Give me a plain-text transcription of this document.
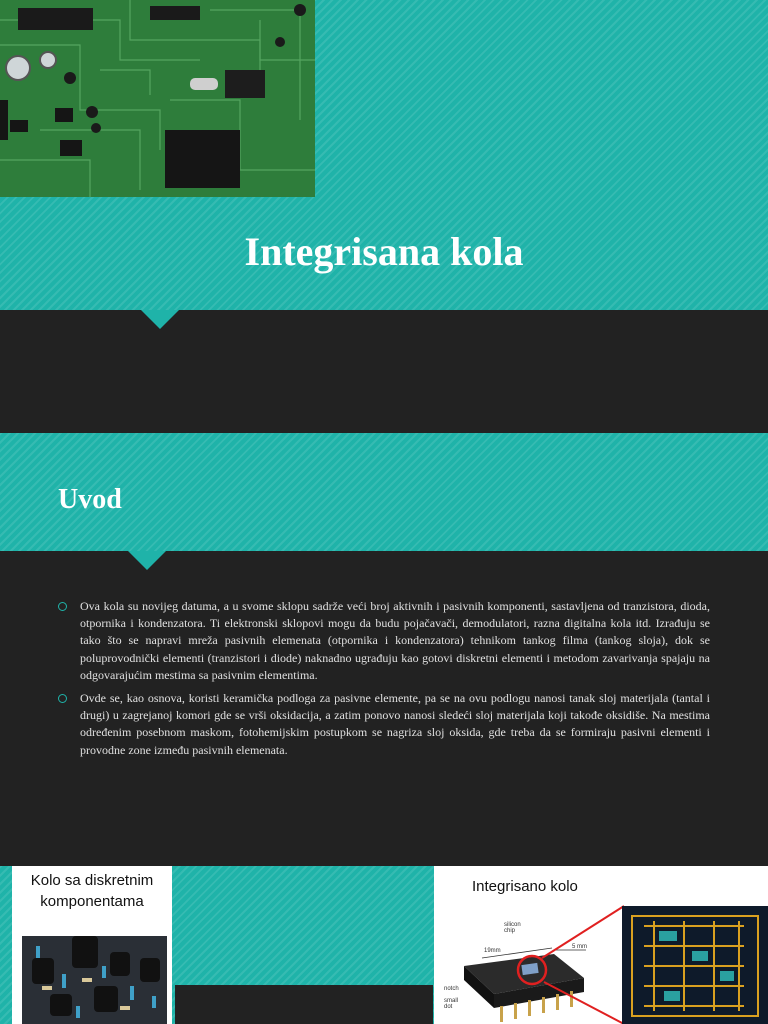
Integrisana kola
Uvod
Ova kola su novijeg datuma, a u svome sklopu sadrže veći broj aktivnih i pasivnih komponenti, sastavljena od tranzistora, dioda, otpornika i kondenzatora. Ti elektronski sklopovi mogu da budu pojačavači, demodulatori, razna digitalna kola itd. Izrađuju se tako što se napravi mreža pasivnih elemenata (otpornika i kondenzatora) tehnikom tankog filma (tankog sloja), dok se poluprovodnički elementi (tranzistori i diode) naknadno ugrađuju kao gotovi diskretni elementi i metodom zavarivanja spajaju na odgovarajućim mestima sa pasivnim elementima.
Ovde se, kao osnova, koristi keramička podloga za pasivne elemente, pa se na ovu podlogu nanosi tanak sloj materijala (tantal i drugi) u zagrejanoj komori gde se vrši oksidacija, a zatim ponovo nanosi sledeći sloj materijala koji takođe oksidiše. Na mestima određenim posebnom maskom, fotohemijskim postupkom se nagriza sloj oksida, gde treba da se formiraju pasivni elementi i provodne zone između pasivnih elemenata.
Kolo sa diskretnim komponentama
Integrisano kolo
silicon chip
19mm
5 mm
notch
small dot
